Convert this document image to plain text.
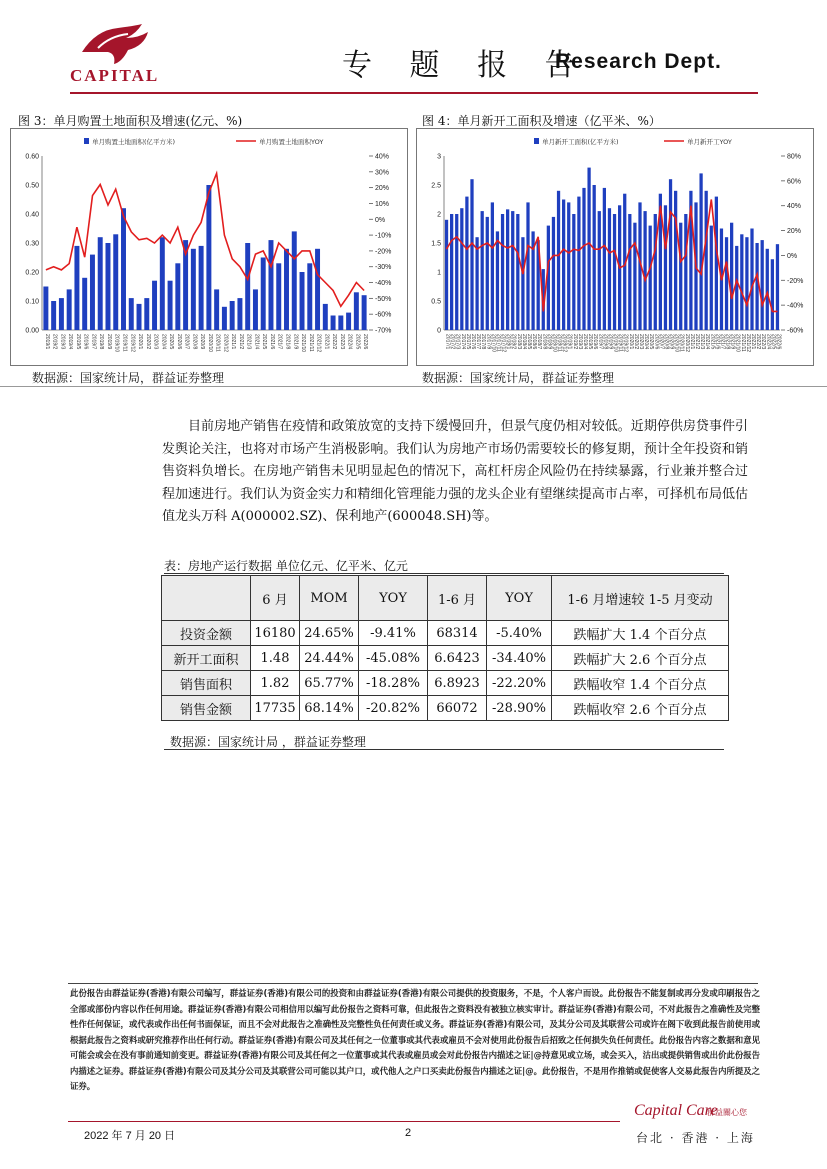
CAPITAL	专 题 报 告
Research Dept.
图 3：单月购置土地面积及增速(亿元、%)	图 4：单月新开工面积及增速（亿平米、%）
0.60
0.50
0.40
0.30
0.20
0.10
0.00
40%
30%
20%
10%
0%
-10%
-20%
-30%
-40%
-50%
-60%
-70%
2019/1 2019/2 2019/3 2019/4 2019/5 2019/6 2019/7 2019/8 2019/9 2019/10 2019/11 2019/12 2020/1 2020/2 2020/3 2020/4 2020/5 2020/6 2020/7 2020/8 2020/9 2020/10 2020/11 2020/12 2021/1 2021/2 2021/3 2021/4 2021/5 2021/6 2021/7 2021/8 2021/9 2021/10 2021/11 2021/12 2022/1 2022/2 2022/3 2022/4 2022/5 2022/6
单月购置土地面积(亿平方米)	单月购置土地面积YOY
3
2.5
2
1.5
1
0.5
0
80%
60%
40%
20%
0%
-20%
-40%
-60%
2017/1 2017/2 2017/3 2017/4 2017/5 2017/6 2017/7 2017/8 2017/9 2017/10 2017/11 2017/12 2018/1 2018/2 2018/3 2018/4 2018/5 2018/6 2018/7 2018/8 2018/9 2018/10 2018/11 2018/12 2019/1 2019/2 2019/3 2019/4 2019/5 2019/6 2019/7 2019/8 2019/9 2019/10 2019/11 2019/12 2020/1 2020/2 2020/3 2020/4 2020/5 2020/6 2020/7 2020/8 2020/9 2020/10 2020/11 2020/12 2021/1 2021/2 2021/3 2021/4 2021/5 2021/6 2021/7 2021/8 2021/9 2021/10 2021/11 2021/12 2022/1 2022/2 2022/3 2022/4 2022/5 2022/6
单月新开工面积(亿平方米)	单月新开工YOY
数据源：国家统计局，群益证券整理	数据源：国家统计局，群益证券整理
目前房地产销售在疫情和政策放宽的支持下缓慢回升，但景气度仍相对较低。近期停供房贷事件引发舆论关注，也将对市场产生消极影响。我们认为房地产市场仍需要较长的修复期，预计全年投资和销售资料负增长。在房地产销售未见明显起色的情况下，高杠杆房企风险仍在持续暴露，行业兼并整合过程加速进行。我们认为资金实力和精细化管理能力强的龙头企业有望继续提高市占率，可择机布局低估值龙头万科 A(000002.SZ)、保利地产(600048.SH)等。
表：房地产运行数据 单位亿元、亿平米、亿元
	6 月	MOM	YOY	1-6 月	YOY	1-6 月增速较 1-5 月变动
投资金额	16180	24.65%	-9.41%	68314	-5.40%	跌幅扩大 1.4 个百分点
新开工面积	1.48	24.44%	-45.08%	6.6423	-34.40%	跌幅扩大 2.6 个百分点
销售面积	1.82	65.77%	-18.28%	6.8923	-22.20%	跌幅收窄 1.4 个百分点
销售金额	17735	68.14%	-20.82%	66072	-28.90%	跌幅收窄 2.6 个百分点
数据源：国家统计局 ，群益证券整理
此份报告由群益证券(香港)有限公司编写，群益证券(香港)有限公司的投资和由群益证券(香港)有限公司提供的投资服务，不是，个人客户而设。此份报告不能复制或再分发或印刷报告之全部或部份内容以作任何用途。群益证券(香港)有限公司相信用以编写此份报告之资料可靠，但此报告之资料没有被独立核实审计。群益证券(香港)有限公司，不对此报告之准确性及完整性作任何保证，或代表或作出任何书面保证，而且不会对此报告之准确性及完整性负任何责任或义务。群益证券(香港)有限公司，及其分公司及其联营公司或许在阁下收到此报告前使用或根据此报告之资料或研究推荐作出任何行动。群益证券(香港)有限公司及其任何之一位董事或其代表或雇员不会对使用此份报告后招致之任何损失负任何责任。此份报告内容之数据和意见可能会或会在没有事前通知前变更。群益证券(香港)有限公司及其任何之一位董事或其代表或雇员或会对此份报告内描述之证|@持意见或立场，或会买入，沽出或提供销售或出价此份报告内描述之证券。群益证券(香港)有限公司及其分公司及其联营公司可能以其户口，或代他人之户口买卖此份报告内描述之证|@。此份报告，不是用作推销或促使客人交易此报告内所提及之证券。
2022 年 7 月 20 日	2
Capital Care
群益關心您
台北 · 香港 · 上海
